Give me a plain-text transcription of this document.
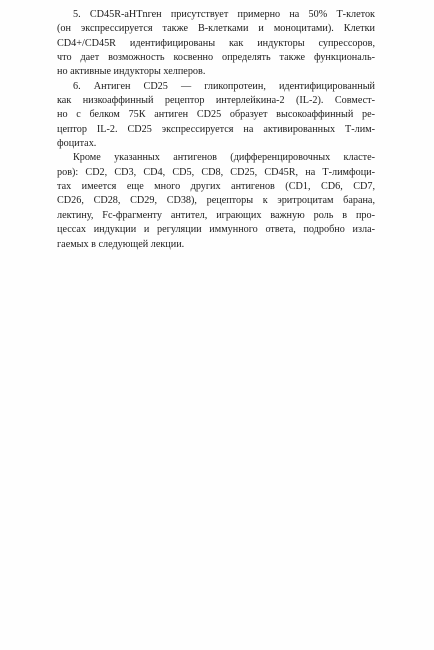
5. CD45R-аНТnген присутствует примерно на 50% Т-клеток
(он экспрессируется также В-клетками и моноцитами). Клетки
CD4+/CD45R идентифицированы как индукторы супрессоров,
что дает возможность косвенно определять также функциональ-
но активные индукторы хелперов.
6. Антиген CD25 — гликопротеин, идентифицированный
как низкоаффинный рецептор интерлейкина-2 (IL-2). Совмест-
но с белком 75К антиген CD25 образует высокоаффинный ре-
цептор IL-2. CD25 экспрессируется на активированных Т-лим-
фоцитах.
Кроме указанных антигенов (дифференцировочных класте-
ров): CD2, CD3, CD4, CD5, CD8, CD25, CD45R, на Т-лимфоци-
тах имеется еще много других антигенов (CD1, CD6, CD7,
CD26, CD28, CD29, CD38), рецепторы к эритроцитам барана,
лектину, Fc-фрагменту антител, играющих важную роль в про-
цессах индукции и регуляции иммунного ответа, подробно изла-
гаемых в следующей лекции.
